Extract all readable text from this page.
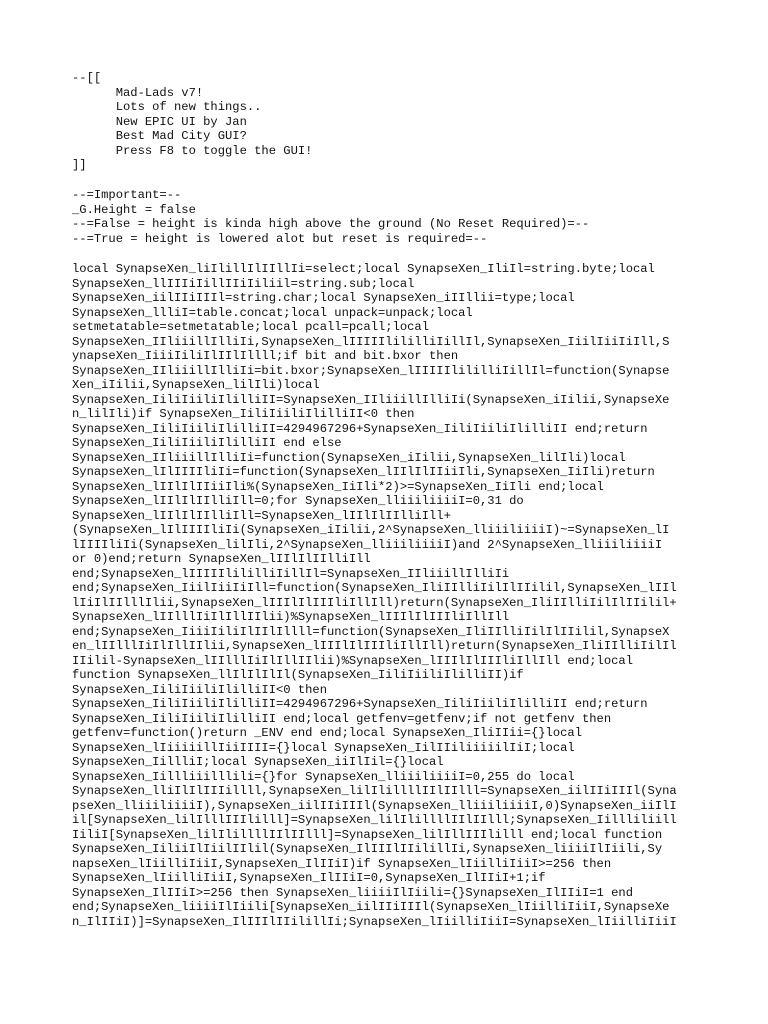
--[[
Mad-Lads v7!
Lots of new things..
New EPIC UI by Jan
Best Mad City GUI?
Press F8 to toggle the GUI!
]]
--=Important=--
_G.Height = false
--=False = height is kinda high above the ground (No Reset Required)=--
--=True = height is lowered alot but reset is required=--
local SynapseXen_liIlillIlIIllIi=select;local SynapseXen_IliIl=string.byte;local
SynapseXen_llIIIiIillIIiIiliil=string.sub;local
SynapseXen_iilIIiIIIl=string.char;local SynapseXen_iIIllii=type;local
SynapseXen_llliI=table.concat;local unpack=unpack;local
setmetatable=setmetatable;local pcall=pcall;local
SynapseXen_IIliiillIlliIi,SynapseXen_lIIIIIlililliIillIl,SynapseXen_IiilIiiIiIll,S
ynapseXen_IiiiIiliIlIIlIllll;if bit and bit.bxor then
SynapseXen_IIliiillIlliIi=bit.bxor;SynapseXen_lIIIIIlililliIillIl=function(Synapse
Xen_iIilii,SynapseXen_lilIli)local
SynapseXen_IiliIiiliIlilliII=SynapseXen_IIliiillIlliIi(SynapseXen_iIilii,SynapseXe
n_lilIli)if SynapseXen_IiliIiiliIlilliII<0 then
SynapseXen_IiliIiiliIlilliII=4294967296+SynapseXen_IiliIiiliIlilliII end;return
SynapseXen_IiliIiiliIlilliII end else
SynapseXen_IIliiillIlliIi=function(SynapseXen_iIilii,SynapseXen_lilIli)local
SynapseXen_lIlIIIIliIi=function(SynapseXen_lIIlIlIIiiIli,SynapseXen_IiIli)return
SynapseXen_lIIlIlIIiiIli%(SynapseXen_IiIli*2)>=SynapseXen_IiIli end;local
SynapseXen_lIIlIlIIlliIll=0;for SynapseXen_lliiiliiiiI=0,31 do
SynapseXen_lIIlIlIIlliIll=SynapseXen_lIIlIlIIlliIll+
(SynapseXen_lIlIIIIliIi(SynapseXen_iIilii,2^SynapseXen_lliiiliiiiI)~=SynapseXen_lI
lIIIIliIi(SynapseXen_lilIli,2^SynapseXen_lliiiliiiiI)and 2^SynapseXen_lliiiliiiiI
or 0)end;return SynapseXen_lIIlIlIIlliIll
end;SynapseXen_lIIIIIlililliIillIl=SynapseXen_IIliiillIlliIi
end;SynapseXen_IiilIiiIiIll=function(SynapseXen_IliIIlliIilIlIIilil,SynapseXen_lIIl
lIiIlIIlllIlii,SynapseXen_lIIIlIlIIIliIllIll)return(SynapseXen_IliIIlliIilIlIIilil+
SynapseXen_lIIlllIiIlIllIIlii)%SynapseXen_lIIIlIlIIIliIllIll
end;SynapseXen_IiiiIiliIlIIlIllll=function(SynapseXen_IliIIlliIilIlIIilil,SynapseX
en_lIIlllIiIlIllIIlii,SynapseXen_lIIIlIlIIIliIllIll)return(SynapseXen_IliIIlliIilIl
IIilil-SynapseXen_lIIlllIiIlIllIIlii)%SynapseXen_lIIIlIlIIIliIllIll end;local
function SynapseXen_llIlIlIlIl(SynapseXen_IiliIiiliIlilliII)if
SynapseXen_IiliIiiliIlilliII<0 then
SynapseXen_IiliIiiliIlilliII=4294967296+SynapseXen_IiliIiiliIlilliII end;return
SynapseXen_IiliIiiliIlilliII end;local getfenv=getfenv;if not getfenv then
getfenv=function()return _ENV end end;local SynapseXen_IliIIii={}local
SynapseXen_lIiiiiillIiiIIII={}local SynapseXen_IilIIiliiiiilIiI;local
SynapseXen_IillliI;local SynapseXen_iiIlIil={}local
SynapseXen_Iillliiilllili={}for SynapseXen_lliiiliiiiI=0,255 do local
SynapseXen_lliIlIlIIIillll,SynapseXen_lilIlillllIIlIIlll=SynapseXen_iilIIiIIIl(Syna
pseXen_lliiiliiiiI),SynapseXen_iilIIiIIIl(SynapseXen_lliiiliiiiI,0)SynapseXen_iiIlI
il[SynapseXen_lilIlllIIIlilll]=SynapseXen_lilIlillllIIlIIlll;SynapseXen_Iillliliill
IiliI[SynapseXen_lilIlillllIIlIIlll]=SynapseXen_lilIllIIIlilll end;local function
SynapseXen_IiliiIlIiilIIlil(SynapseXen_IlIIIlIIilillIi,SynapseXen_liiiiIlIiili,Sy
napseXen_lIiilliIiiI,SynapseXen_IlIIiI)if SynapseXen_lIiilliIiiI>=256 then
SynapseXen_lIiilliIiiI,SynapseXen_IlIIiI=0,SynapseXen_IlIIiI+1;if
SynapseXen_IlIIiI>=256 then SynapseXen_liiiiIlIiili={}SynapseXen_IlIIiI=1 end
end;SynapseXen_liiiiIlIiili[SynapseXen_iilIIiIIIl(SynapseXen_lIiilliIiiI,SynapseXe
n_IlIIiI)]=SynapseXen_IlIIIlIIilillIi;SynapseXen_lIiilliIiiI=SynapseXen_lIiilliIiiI
